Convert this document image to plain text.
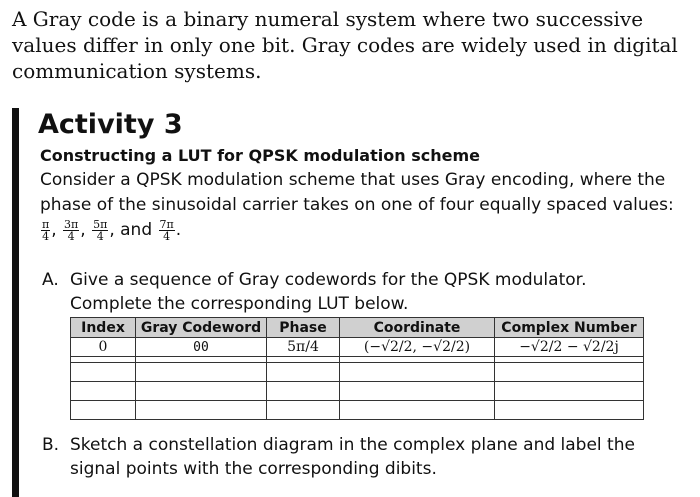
A Gray code is a binary numeral system where two successive values differ in only one bit. Gray codes are widely used in digital communication systems.

Activity 3
Constructing a LUT for QPSK modulation scheme

Consider a QPSK modulation scheme that uses Gray encoding, where the phase of the sinusoidal carrier takes on one of four equally spaced values:

$\frac{\pi}{4}$ , $\frac{3\pi}{4}$ , $\frac{5\pi}{4}$ , and $\frac{7\pi}{4}$ .

A. Give a sequence of Gray codewords for the QPSK modulator. Complete the corresponding LUT below.
Index	Gray Codeword	Phase	Coordinate	Complex Number
0	00	5π/4	(−√2/2, −√2/2)	−√2/2 − √2/2j

B. Sketch a constellation diagram in the complex plane and label the signal points with the corresponding dibits.
